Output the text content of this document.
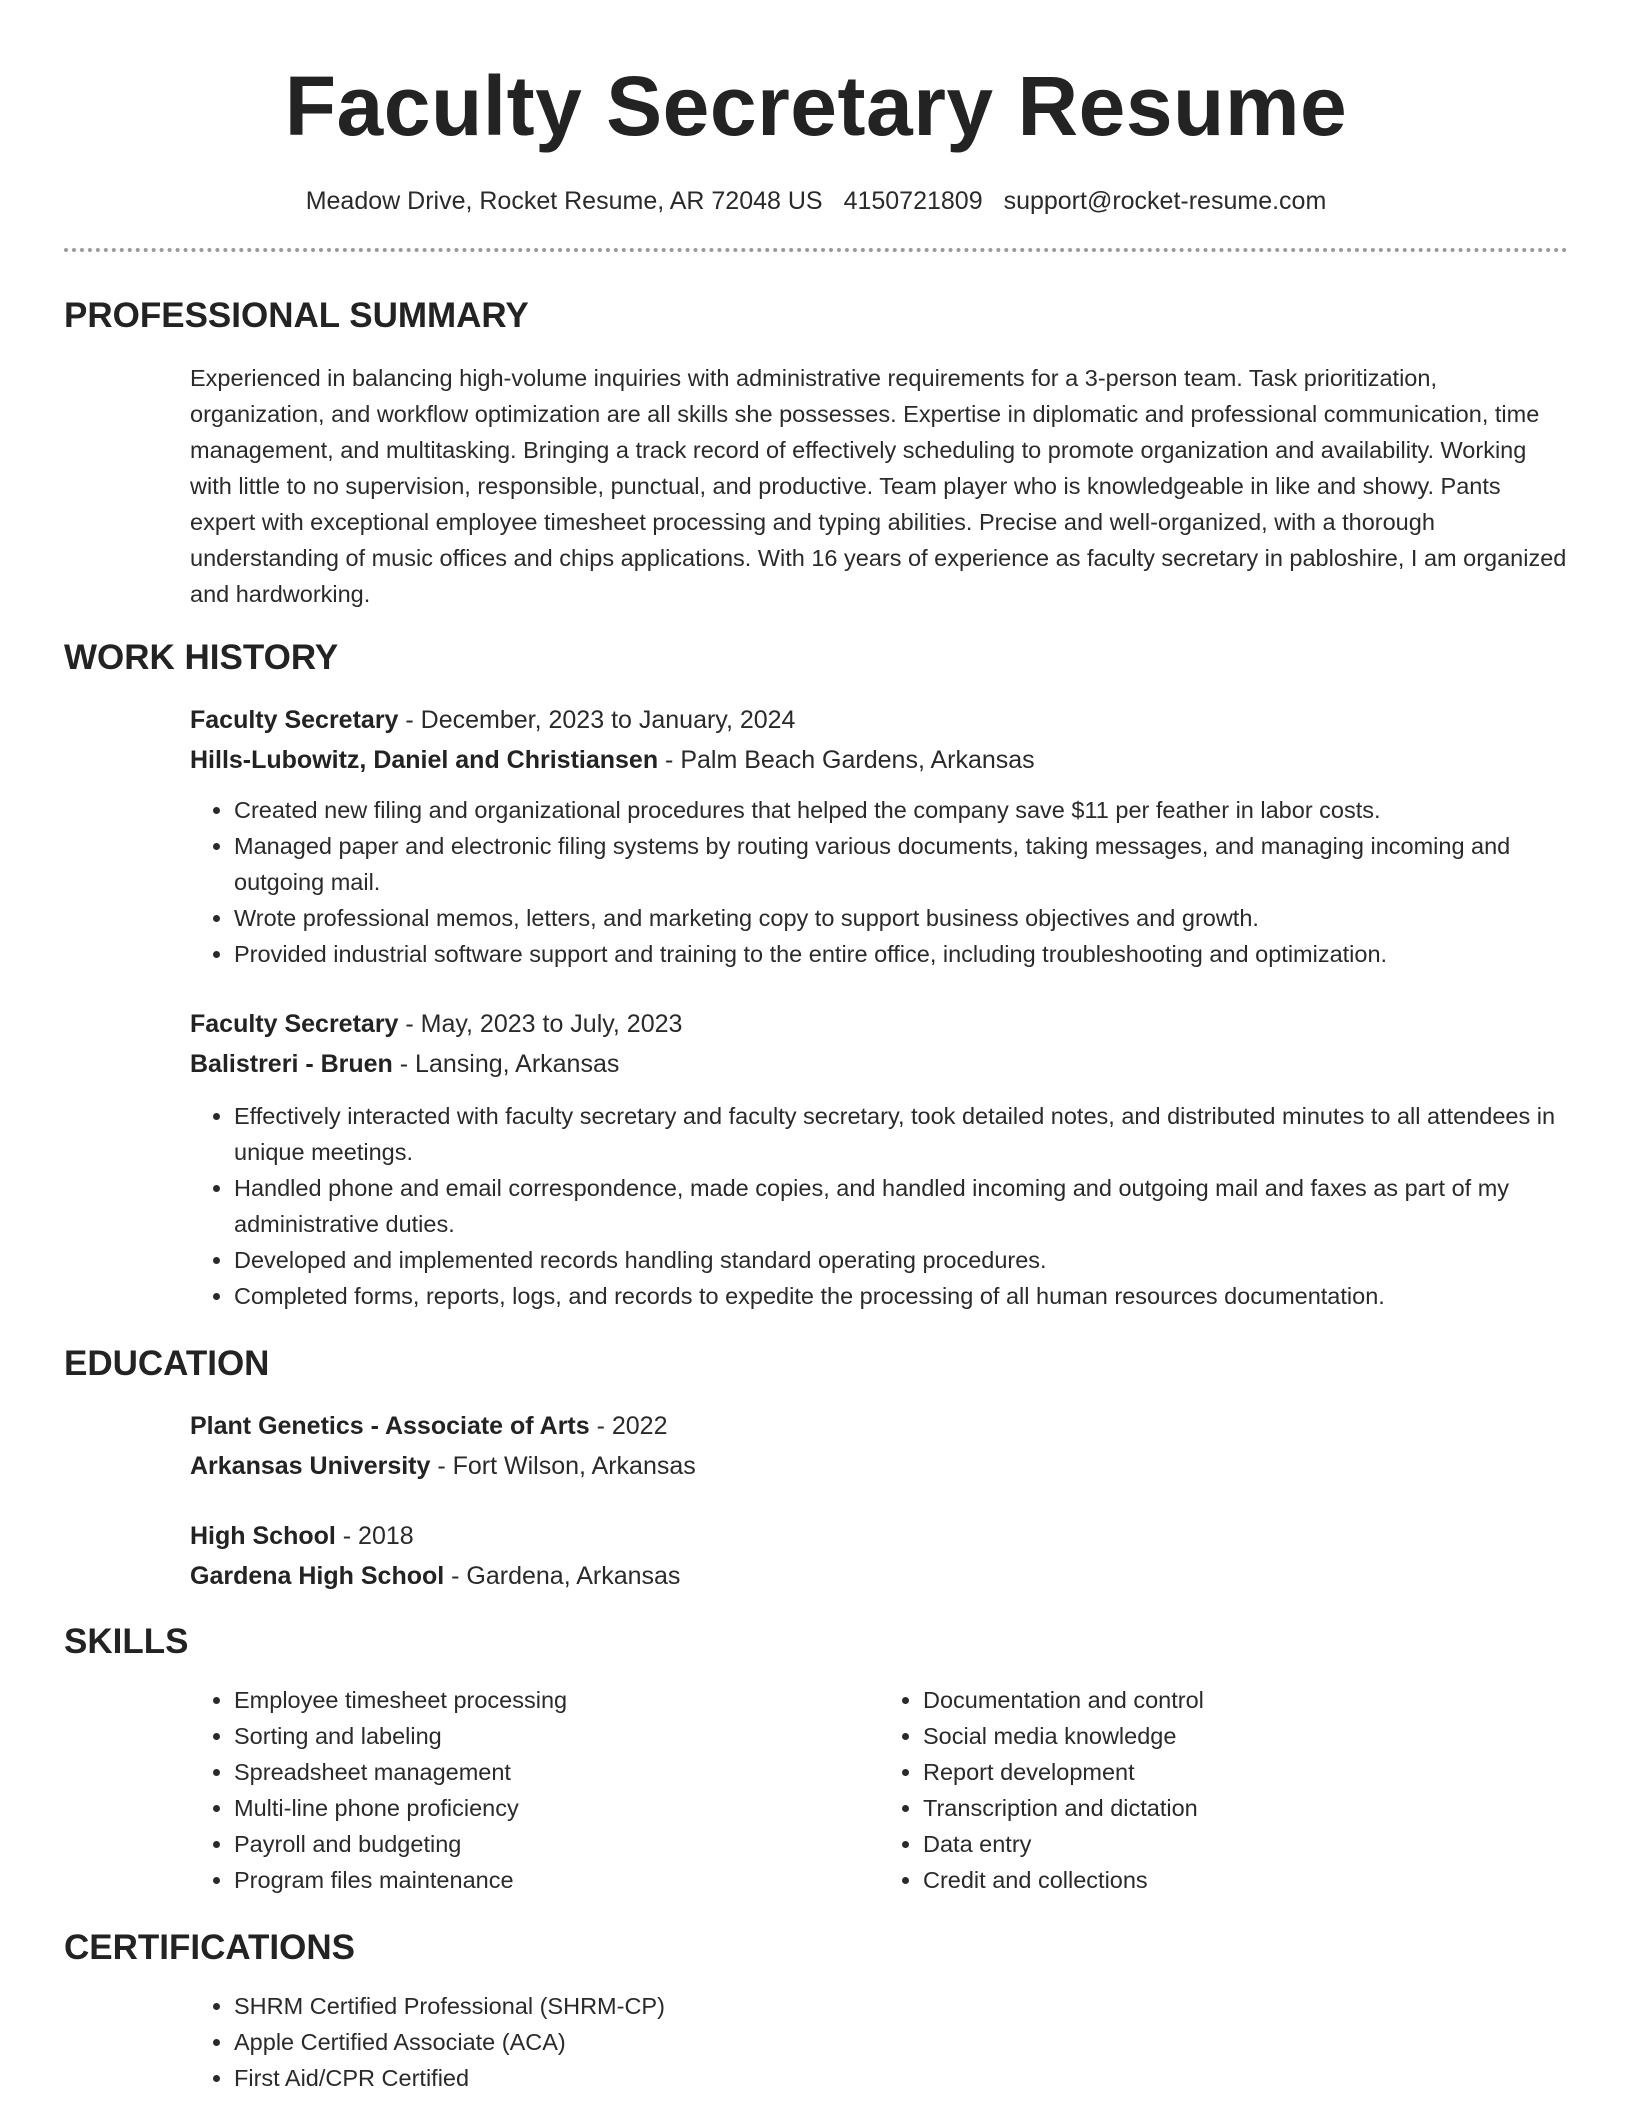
Faculty Secretary Resume
Meadow Drive, Rocket Resume, AR 72048 US 4150721809 support@rocket-resume.com
PROFESSIONAL SUMMARY

Experienced in balancing high-volume inquiries with administrative requirements for a 3-person team. Task prioritization, organization, and workflow optimization are all skills she possesses. Expertise in diplomatic and professional communication, time management, and multitasking. Bringing a track record of effectively scheduling to promote organization and availability. Working with little to no supervision, responsible, punctual, and productive. Team player who is knowledgeable in like and showy. Pants expert with exceptional employee timesheet processing and typing abilities. Precise and well-organized, with a thorough understanding of music offices and chips applications. With 16 years of experience as faculty secretary in pabloshire, I am organized and hardworking.

WORK HISTORY
Faculty Secretary - December, 2023 to January, 2024
Hills-Lubowitz, Daniel and Christiansen - Palm Beach Gardens, Arkansas
• Created new filing and organizational procedures that helped the company save $11 per feather in labor costs.
• Managed paper and electronic filing systems by routing various documents, taking messages, and managing incoming and outgoing mail.
• Wrote professional memos, letters, and marketing copy to support business objectives and growth.
• Provided industrial software support and training to the entire office, including troubleshooting and optimization.
Faculty Secretary - May, 2023 to July, 2023
Balistreri - Bruen - Lansing, Arkansas
• Effectively interacted with faculty secretary and faculty secretary, took detailed notes, and distributed minutes to all attendees in unique meetings.
• Handled phone and email correspondence, made copies, and handled incoming and outgoing mail and faxes as part of my administrative duties.
• Developed and implemented records handling standard operating procedures.
• Completed forms, reports, logs, and records to expedite the processing of all human resources documentation.
EDUCATION
Plant Genetics - Associate of Arts - 2022
Arkansas University - Fort Wilson, Arkansas
High School - 2018
Gardena High School - Gardena, Arkansas
SKILLS
• Employee timesheet processing
• Sorting and labeling
• Spreadsheet management
• Multi-line phone proficiency
• Payroll and budgeting
• Program files maintenance
• Documentation and control
• Social media knowledge
• Report development
• Transcription and dictation
• Data entry
• Credit and collections
CERTIFICATIONS
• SHRM Certified Professional (SHRM-CP)
• Apple Certified Associate (ACA)
• First Aid/CPR Certified
